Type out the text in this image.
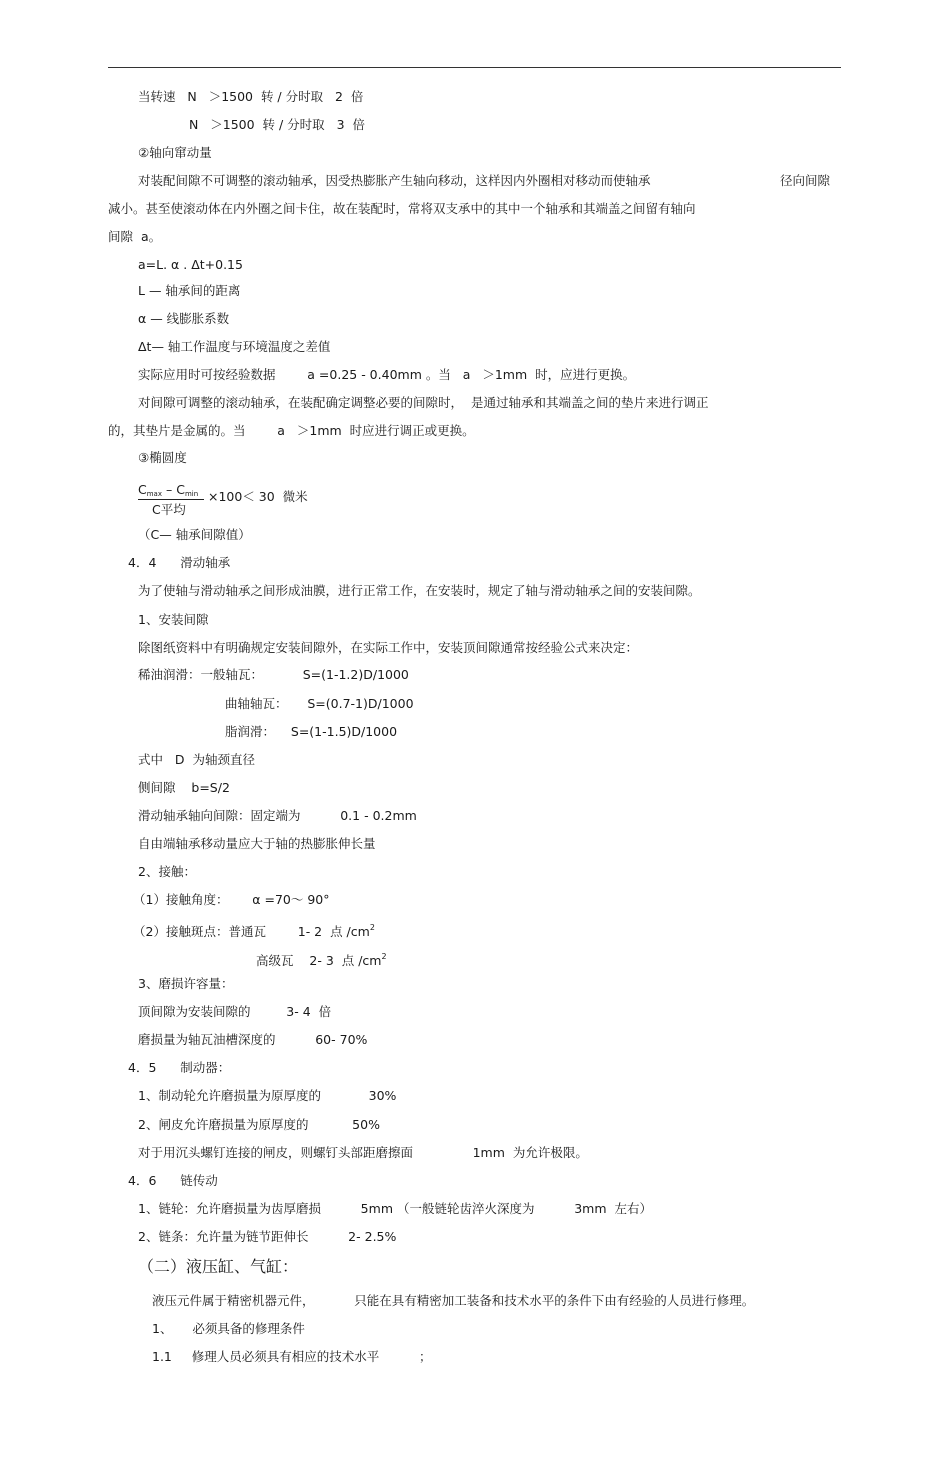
当转速   N   ＞1500  转 / 分时取   2  倍
N   ＞1500  转 / 分时取   3  倍
②轴向窜动量
对装配间隙不可调整的滚动轴承，因受热膨胀产生轴向移动，这样因内外圈相对移动而使轴承	径向间隙
减小。甚至使滚动体在内外圈之间卡住，故在装配时，常将双支承中的其中一个轴承和其端盖之间留有轴向
间隙  a。
a=L. α . Δt+0.15
L — 轴承间的距离
α — 线膨胀系数
Δt— 轴工作温度与环境温度之差值
实际应用时可按经验数据        a =0.25 - 0.40mm 。当   a   ＞1mm  时，应进行更换。
对间隙可调整的滚动轴承，在装配确定调整必要的间隙时，  是通过轴承和其端盖之间的垫片来进行调正
的，其垫片是金属的。当        a   ＞1mm  时应进行调正或更换。
③椭圆度
$C_{max} - C_{min}$
C平均
×100＜ 30  微米
（C— 轴承间隙值）
4．4      滑动轴承
为了使轴与滑动轴承之间形成油膜，进行正常工作，在安装时，规定了轴与滑动轴承之间的安装间隙。
1、安装间隙
除图纸资料中有明确规定安装间隙外，在实际工作中，安装顶间隙通常按经验公式来决定：
稀油润滑：一般轴瓦：          S=(1-1.2)D/1000
曲轴轴瓦：     S=(0.7-1)D/1000
脂润滑：    S=(1-1.5)D/1000
式中   D  为轴颈直径
侧间隙    b=S/2
滑动轴承轴向间隙：固定端为          0.1 - 0.2mm
自由端轴承移动量应大于轴的热膨胀伸长量
2、接触：
（1）接触角度：      α =70～ 90°
（2）接触斑点：普通瓦        1- 2  点 $/cm^2$
高级瓦    2- 3  点 $/cm^2$
3、磨损许容量：
顶间隙为安装间隙的         3- 4  倍
磨损量为轴瓦油槽深度的          60- 70%
4．5      制动器：
1、制动轮允许磨损量为原厚度的            30%
2、闸皮允许磨损量为原厚度的           50%
对于用沉头螺钉连接的闸皮，则螺钉头部距磨擦面               1mm  为允许极限。
4．6      链传动
1、链轮：允许磨损量为齿厚磨损          5mm （一般链轮齿淬火深度为          3mm  左右）
2、链条：允许量为链节距伸长          2- 2.5%
（二）液压缸、气缸：
液压元件属于精密机器元件，          只能在具有精密加工装备和技术水平的条件下由有经验的人员进行修理。
1、     必须具备的修理条件
1.1     修理人员必须具有相应的技术水平          ；
